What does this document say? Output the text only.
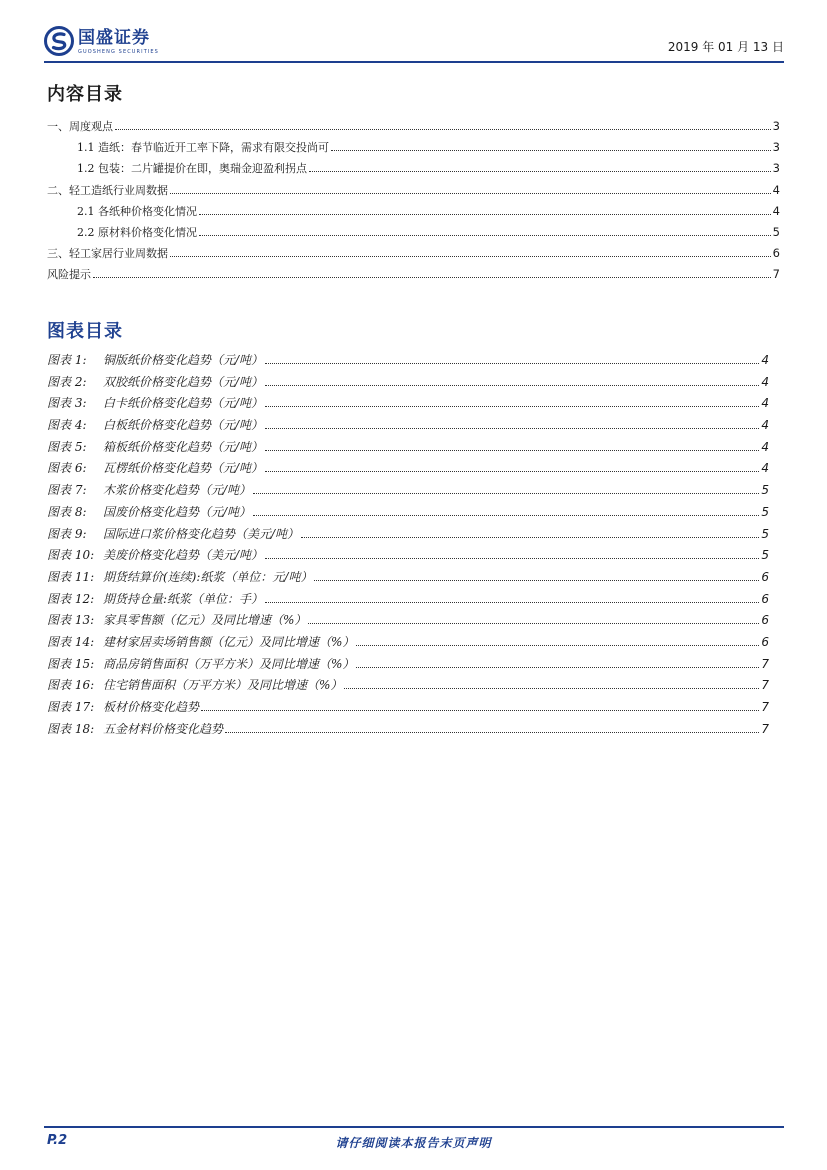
国盛证券
GUOSHENG SECURITIES	2019 年 01 月 13 日
内容目录
一、周度观点	3
1.1 造纸：春节临近开工率下降，需求有限交投尚可	3
1.2 包装：二片罐提价在即，奥瑞金迎盈利拐点	3
二、轻工造纸行业周数据	4
2.1 各纸种价格变化情况	4
2.2 原材料价格变化情况	5
三、轻工家居行业周数据	6
风险提示	7
图表目录
图表 1:	铜版纸价格变化趋势（元/吨）	4
图表 2:	双胶纸价格变化趋势（元/吨）	4
图表 3:	白卡纸价格变化趋势（元/吨）	4
图表 4:	白板纸价格变化趋势（元/吨）	4
图表 5:	箱板纸价格变化趋势（元/吨）	4
图表 6:	瓦楞纸价格变化趋势（元/吨）	4
图表 7:	木浆价格变化趋势（元/吨）	5
图表 8:	国废价格变化趋势（元/吨）	5
图表 9:	国际进口浆价格变化趋势（美元/吨）	5
图表 10: 美废价格变化趋势（美元/吨）	5
图表 11: 期货结算价(连续):纸浆（单位：元/吨）	6
图表 12: 期货持仓量:纸浆（单位：手）	6
图表 13: 家具零售额（亿元）及同比增速（%）	6
图表 14: 建材家居卖场销售额（亿元）及同比增速（%）	6
图表 15: 商品房销售面积（万平方米）及同比增速（%）	7
图表 16: 住宅销售面积（万平方米）及同比增速（%）	7
图表 17: 板材价格变化趋势	7
图表 18: 五金材料价格变化趋势	7
P.2	请仔细阅读本报告末页声明
